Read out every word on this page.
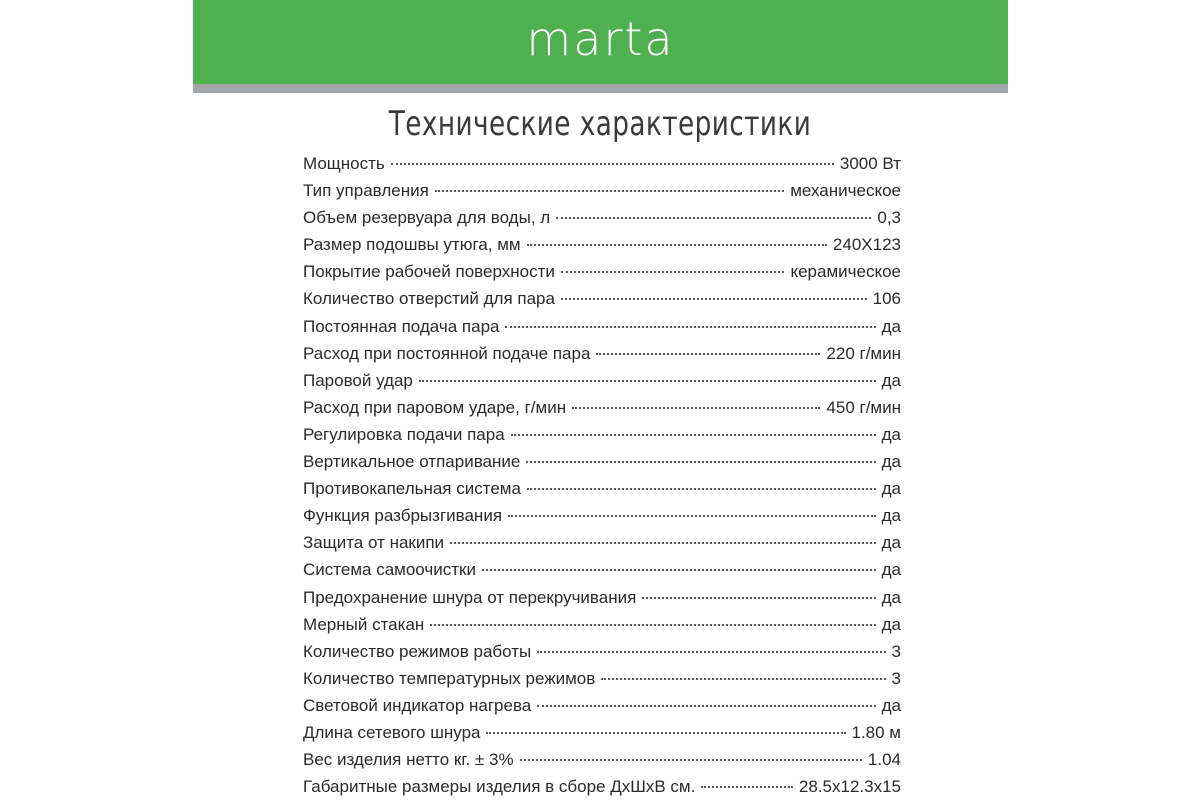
marta
Технические характеристики
Мощность	3000 Вт
Тип управления	механическое
Объем резервуара для воды, л	0,3
Размер подошвы утюга, мм	240Х123
Покрытие рабочей поверхности	керамическое
Количество отверстий для пара	106
Постоянная подача пара	да
Расход при постоянной подаче пара	220 г/мин
Паровой удар	да
Расход при паровом ударе, г/мин	450 г/мин
Регулировка подачи пара	да
Вертикальное отпаривание	да
Противокапельная система	да
Функция разбрызгивания	да
Защита от накипи	да
Система самоочистки	да
Предохранение шнура от перекручивания	да
Мерный стакан	да
Количество режимов работы	3
Количество температурных режимов	3
Световой индикатор нагрева	да
Длина сетевого шнура	1.80 м
Вес изделия нетто кг. ± 3%	1.04
Габаритные размеры изделия в сборе ДхШхВ см.	28.5х12.3х15
